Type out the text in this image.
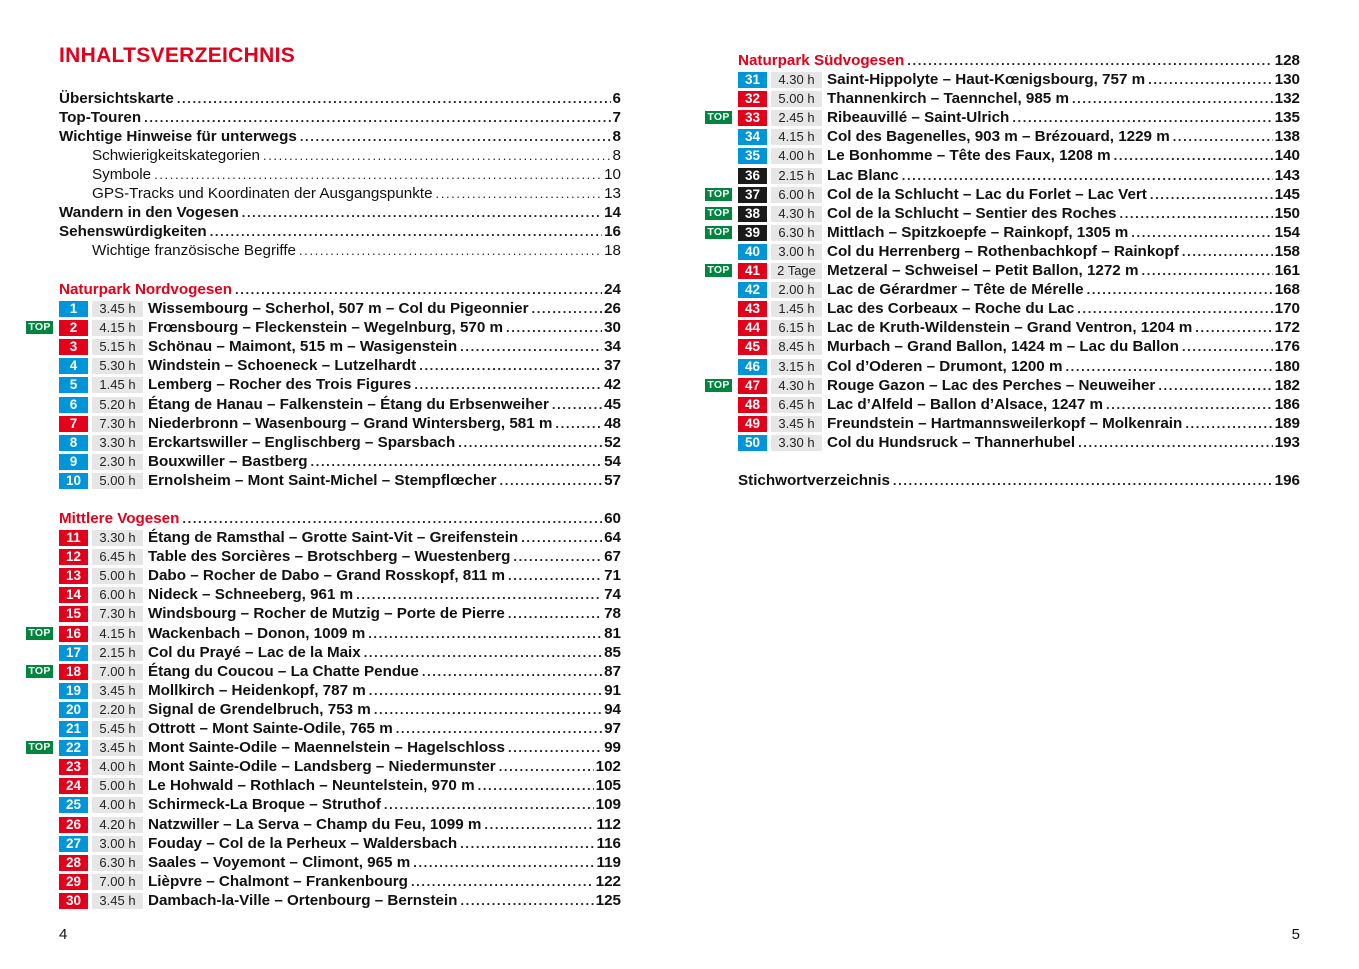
INHALTSVERZEICHNIS
Übersichtskarte .....	6
Top-Touren .....	7
Wichtige Hinweise für unterwegs .....	8
Schwierigkeitskategorien .....	8
Symbole .....	10
GPS-Tracks und Koordinaten der Ausgangspunkte .....	13
Wandern in den Vogesen .....	14
Sehenswürdigkeiten .....	16
Wichtige französische Begriffe .....	18
Naturpark Nordvogesen .....	24
1	3.45 h Wissembourg – Scherhol, 507 m – Col du Pigeonnier .....	26
TOP	2	4.15 h Frœnsbourg – Fleckenstein – Wegelnburg, 570 m .....	30
3	5.15 h Schönau – Maimont, 515 m – Wasigenstein .....	34
4	5.30 h Windstein – Schoeneck – Lutzelhardt .....	37
5	1.45 h Lemberg – Rocher des Trois Figures .....	42
6	5.20 h Étang de Hanau – Falkenstein – Étang du Erbsenweiher .....	45
7	7.30 h Niederbronn – Wasenbourg – Grand Wintersberg, 581 m .....	48
8	3.30 h Erckartswiller – Englischberg – Sparsbach .....	52
9	2.30 h Bouxwiller – Bastberg .....	54
10	5.00 h Ernolsheim – Mont Saint-Michel – Stempflœcher .....	57
Mittlere Vogesen .....	60
11	3.30 h Étang de Ramsthal – Grotte Saint-Vit – Greifenstein .....	64
12	6.45 h Table des Sorcières – Brotschberg – Wuestenberg .....	67
13	5.00 h Dabo – Rocher de Dabo – Grand Rosskopf, 811 m .....	71
14	6.00 h Nideck – Schneeberg, 961 m .....	74
15	7.30 h Windsbourg – Rocher de Mutzig – Porte de Pierre .....	78
TOP	16	4.15 h Wackenbach – Donon, 1009 m .....	81
17	2.15 h Col du Prayé – Lac de la Maix .....	85
TOP	18	7.00 h Étang du Coucou – La Chatte Pendue .....	87
19	3.45 h Mollkirch – Heidenkopf, 787 m .....	91
20	2.20 h Signal de Grendelbruch, 753 m .....	94
21	5.45 h Ottrott – Mont Sainte-Odile, 765 m .....	97
TOP	22	3.45 h Mont Sainte-Odile – Maennelstein – Hagelschloss .....	99
23	4.00 h Mont Sainte-Odile – Landsberg – Niedermunster .....	102
24	5.00 h Le Hohwald – Rothlach – Neuntelstein, 970 m .....	105
25	4.00 h Schirmeck-La Broque – Struthof .....	109
26	4.20 h Natzwiller – La Serva – Champ du Feu, 1099 m .....	112
27	3.00 h Fouday – Col de la Perheux – Waldersbach .....	116
28	6.30 h Saales – Voyemont – Climont, 965 m .....	119
29	7.00 h Lièpvre – Chalmont – Frankenbourg .....	122
30	3.45 h Dambach-la-Ville – Ortenbourg – Bernstein .....	125
4
Naturpark Südvogesen .....	128
31	4.30 h Saint-Hippolyte – Haut-Kœnigsbourg, 757 m .....	130
32	5.00 h Thannenkirch – Taennchel, 985 m .....	132
TOP	33	2.45 h Ribeauvillé – Saint-Ulrich .....	135
34	4.15 h Col des Bagenelles, 903 m – Brézouard, 1229 m .....	138
35	4.00 h Le Bonhomme – Tête des Faux, 1208 m .....	140
36	2.15 h Lac Blanc .....	143
TOP	37	6.00 h Col de la Schlucht – Lac du Forlet – Lac Vert .....	145
TOP	38	4.30 h Col de la Schlucht – Sentier des Roches .....	150
TOP	39	6.30 h Mittlach – Spitzkoepfe – Rainkopf, 1305 m .....	154
40	3.00 h Col du Herrenberg – Rothenbachkopf – Rainkopf .....	158
TOP	41	2 Tage Metzeral – Schweisel – Petit Ballon, 1272 m .....	161
42	2.00 h Lac de Gérardmer – Tête de Mérelle .....	168
43	1.45 h Lac des Corbeaux – Roche du Lac .....	170
44	6.15 h Lac de Kruth-Wildenstein – Grand Ventron, 1204 m .....	172
45	8.45 h Murbach – Grand Ballon, 1424 m – Lac du Ballon .....	176
46	3.15 h Col d’Oderen – Drumont, 1200 m .....	180
TOP	47	4.30 h Rouge Gazon – Lac des Perches – Neuweiher .....	182
48	6.45 h Lac d’Alfeld – Ballon d’Alsace, 1247 m .....	186
49	3.45 h Freundstein – Hartmannsweilerkopf – Molkenrain .....	189
50	3.30 h Col du Hundsruck – Thannerhubel .....	193
Stichwortverzeichnis .....	196
5
